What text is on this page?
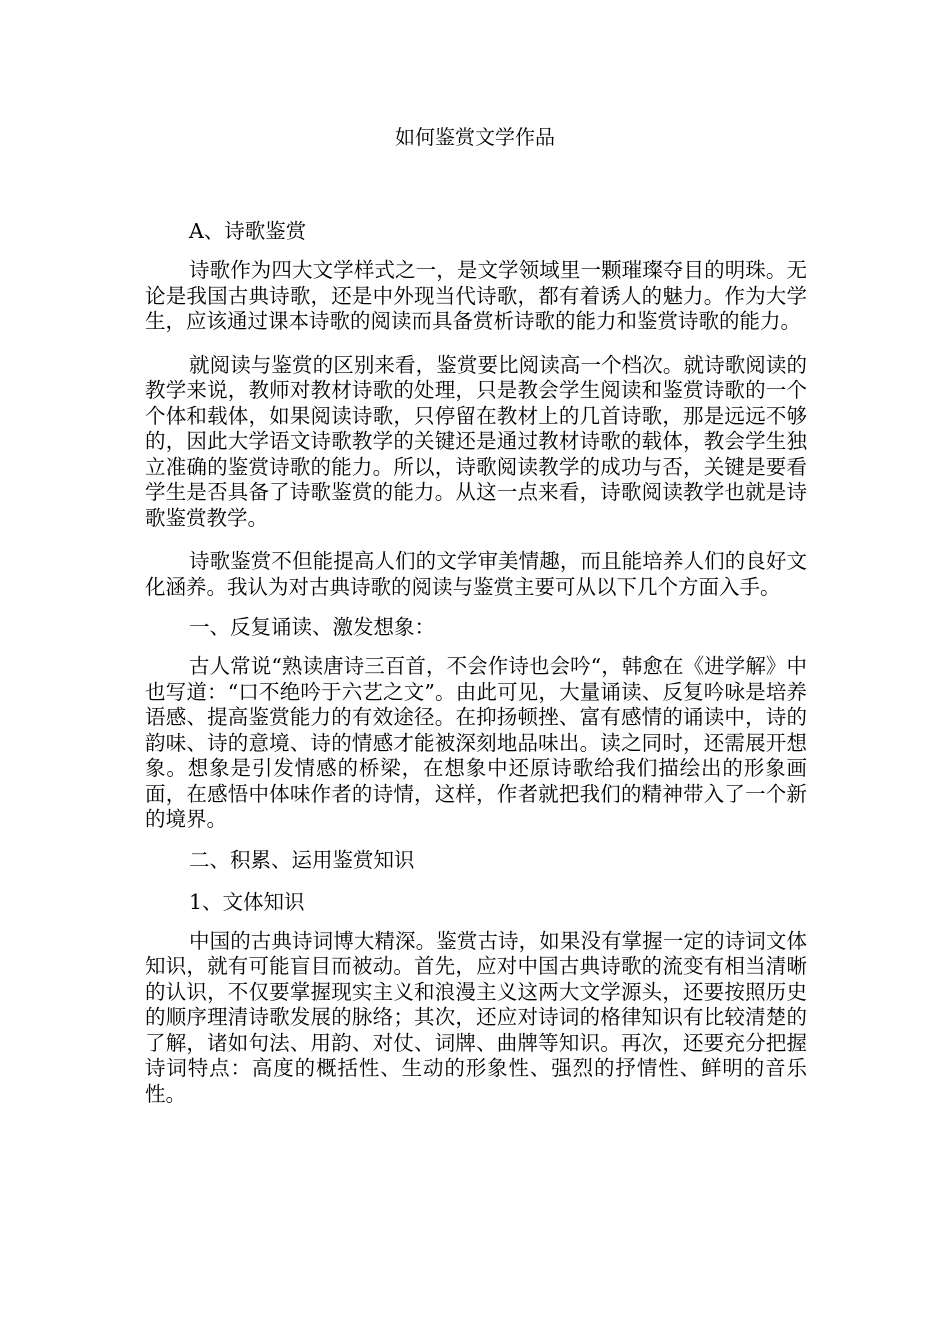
如何鉴赏文学作品

A、诗歌鉴赏

诗歌作为四大文学样式之一，是文学领域里一颗璀璨夺目的明珠。无论是我国古典诗歌，还是中外现当代诗歌，都有着诱人的魅力。作为大学生，应该通过课本诗歌的阅读而具备赏析诗歌的能力和鉴赏诗歌的能力。

就阅读与鉴赏的区别来看，鉴赏要比阅读高一个档次。就诗歌阅读的教学来说，教师对教材诗歌的处理，只是教会学生阅读和鉴赏诗歌的一个个体和载体，如果阅读诗歌，只停留在教材上的几首诗歌，那是远远不够的，因此大学语文诗歌教学的关键还是通过教材诗歌的载体，教会学生独立准确的鉴赏诗歌的能力。所以，诗歌阅读教学的成功与否，关键是要看学生是否具备了诗歌鉴赏的能力。从这一点来看，诗歌阅读教学也就是诗歌鉴赏教学。

诗歌鉴赏不但能提高人们的文学审美情趣，而且能培养人们的良好文化涵养。我认为对古典诗歌的阅读与鉴赏主要可从以下几个方面入手。

一、反复诵读、激发想象：

古人常说“熟读唐诗三百首，不会作诗也会吟“，韩愈在《进学解》中也写道：“口不绝吟于六艺之文”。由此可见，大量诵读、反复吟咏是培养语感、提高鉴赏能力的有效途径。在抑扬顿挫、富有感情的诵读中，诗的韵味、诗的意境、诗的情感才能被深刻地品味出。读之同时，还需展开想象。想象是引发情感的桥梁，在想象中还原诗歌给我们描绘出的形象画面，在感悟中体味作者的诗情，这样，作者就把我们的精神带入了一个新的境界。

二、积累、运用鉴赏知识

1、文体知识

中国的古典诗词博大精深。鉴赏古诗，如果没有掌握一定的诗词文体知识，就有可能盲目而被动。首先，应对中国古典诗歌的流变有相当清晰的认识，不仅要掌握现实主义和浪漫主义这两大文学源头，还要按照历史的顺序理清诗歌发展的脉络；其次，还应对诗词的格律知识有比较清楚的了解，诸如句法、用韵、对仗、词牌、曲牌等知识。再次，还要充分把握诗词特点：高度的概括性、生动的形象性、强烈的抒情性、鲜明的音乐性。
